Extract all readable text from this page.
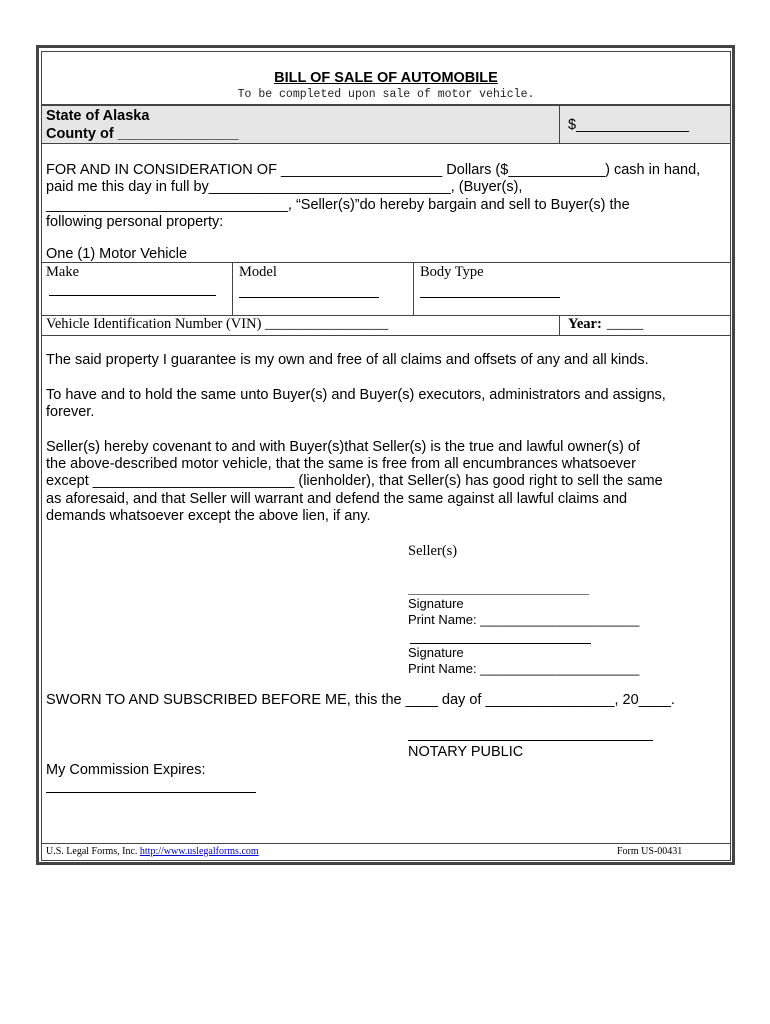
BILL OF SALE OF AUTOMOBILE
To be completed upon sale of motor vehicle.
State of Alaska
County of _______________
$______________
FOR AND IN CONSIDERATION OF ____________________ Dollars ($____________) cash in hand,
paid me this day in full by______________________________, (Buyer(s),
______________________________, “Seller(s)”do hereby bargain and sell to Buyer(s) the
following personal property:
One (1) Motor Vehicle
Make	Model	Body Type
Vehicle Identification Number (VIN) _________________	Year: _____
The said property I guarantee is my own and free of all claims and offsets of any and all kinds.
To have and to hold the same unto Buyer(s) and Buyer(s) executors, administrators and assigns,
forever.
Seller(s) hereby covenant to and with Buyer(s)that Seller(s) is the true and lawful owner(s) of
the above-described motor vehicle, that the same is free from all encumbrances whatsoever
except _________________________ (lienholder), that Seller(s) has good right to sell the same
as aforesaid, and that Seller will warrant and defend the same against all lawful claims and
demands whatsoever except the above lien, if any.
Seller(s)
Signature
Print Name: ______________________
Signature
Print Name: ______________________
SWORN TO AND SUBSCRIBED BEFORE ME, this the ____ day of ________________, 20____.
NOTARY PUBLIC
My Commission Expires:
U.S. Legal Forms, Inc. http://www.uslegalforms.com	Form US-00431
